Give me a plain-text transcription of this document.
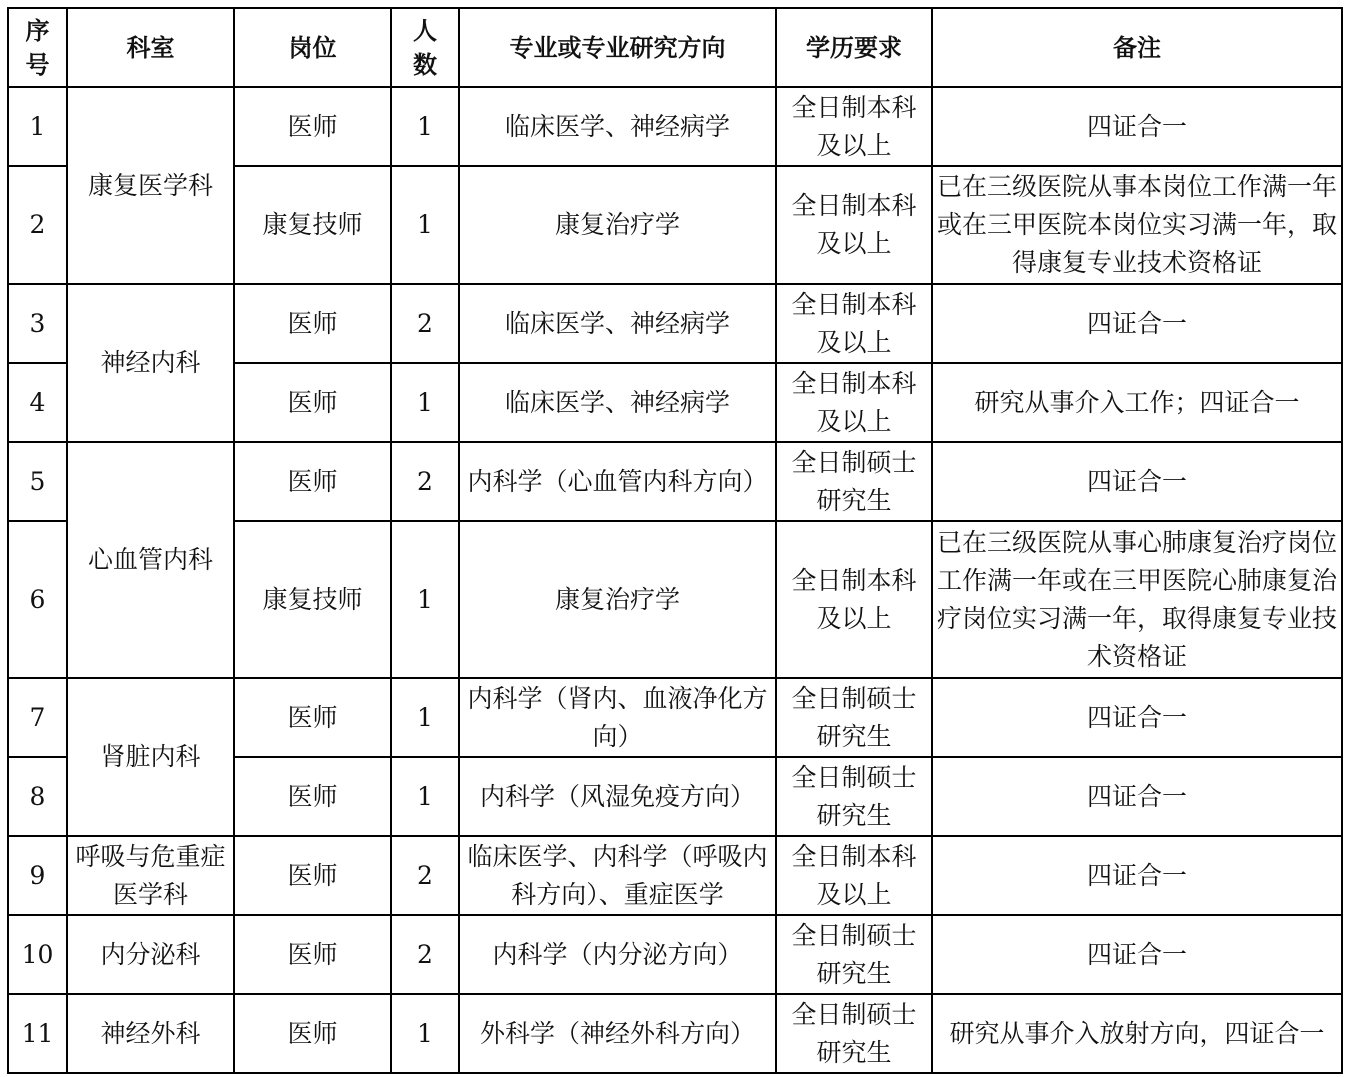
序号	科室	岗位	人数	专业或专业研究方向	学历要求	备注
1	康复医学科	医师	1	临床医学、神经病学	全日制本科及以上	四证合一
2		康复技师	1	康复治疗学	全日制本科及以上	已在三级医院从事本岗位工作满一年或在三甲医院本岗位实习满一年，取得康复专业技术资格证
3	神经内科	医师	2	临床医学、神经病学	全日制本科及以上	四证合一
4		医师	1	临床医学、神经病学	全日制本科及以上	研究从事介入工作；四证合一
5	心血管内科	医师	2	内科学（心血管内科方向）	全日制硕士研究生	四证合一
6		康复技师	1	康复治疗学	全日制本科及以上	已在三级医院从事心肺康复治疗岗位工作满一年或在三甲医院心肺康复治疗岗位实习满一年，取得康复专业技术资格证
7	肾脏内科	医师	1	内科学（肾内、血液净化方向）	全日制硕士研究生	四证合一
8		医师	1	内科学（风湿免疫方向）	全日制硕士研究生	四证合一
9	呼吸与危重症医学科	医师	2	临床医学、内科学（呼吸内科方向）、重症医学	全日制本科及以上	四证合一
10	内分泌科	医师	2	内科学（内分泌方向）	全日制硕士研究生	四证合一
11	神经外科	医师	1	外科学（神经外科方向）	全日制硕士研究生	研究从事介入放射方向，四证合一
